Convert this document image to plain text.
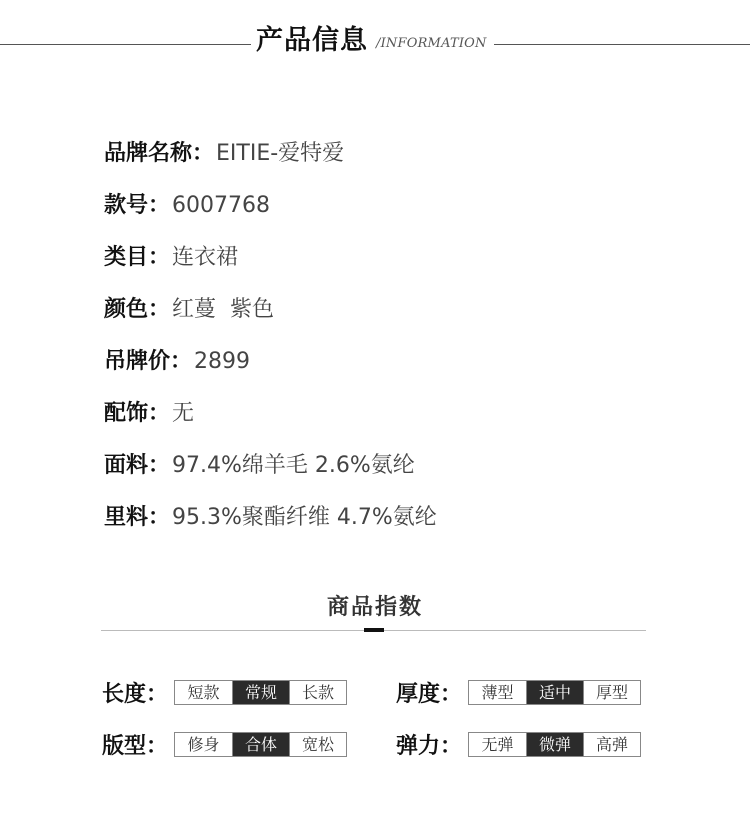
产品信息 /INFORMATION
品牌名称： EITIE-爱特爱
款号： 6007768
类目： 连衣裙
颜色： 红蔓  紫色
吊牌价： 2899
配饰： 无
面料： 97.4%绵羊毛 2.6%氨纶
里料： 95.3%聚酯纤维 4.7%氨纶
商品指数
长度：	短款	常规	长款	厚度：	薄型	适中	厚型
版型：	修身	合体	宽松	弹力：	无弹	微弹	高弹
